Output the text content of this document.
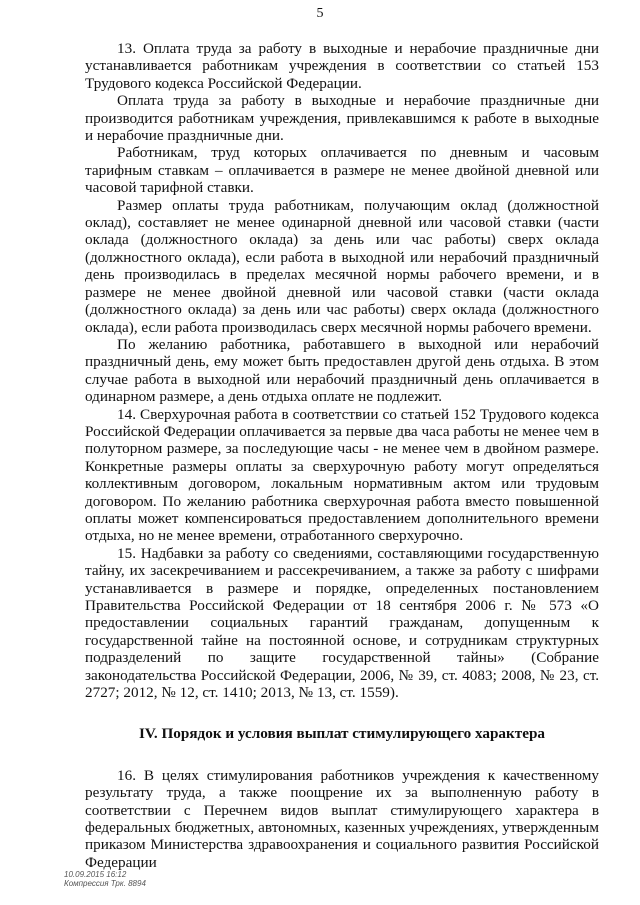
5

13. Оплата труда за работу в выходные и нерабочие праздничные дни устанавливается работникам учреждения в соответствии со статьей 153 Трудового кодекса Российской Федерации.

Оплата труда за работу в выходные и нерабочие праздничные дни производится работникам учреждения, привлекавшимся к работе в выходные и нерабочие праздничные дни.

Работникам, труд которых оплачивается по дневным и часовым тарифным ставкам – оплачивается в размере не менее двойной дневной или часовой тарифной ставки.

Размер оплаты труда работникам, получающим оклад (должностной оклад), составляет не менее одинарной дневной или часовой ставки (части оклада (должностного оклада) за день или час работы) сверх оклада (должностного оклада), если работа в выходной или нерабочий праздничный день производилась в пределах месячной нормы рабочего времени, и в размере не менее двойной дневной или часовой ставки (части оклада (должностного оклада) за день или час работы) сверх оклада (должностного оклада), если работа производилась сверх месячной нормы рабочего времени.

По желанию работника, работавшего в выходной или нерабочий праздничный день, ему может быть предоставлен другой день отдыха. В этом случае работа в выходной или нерабочий праздничный день оплачивается в одинарном размере, а день отдыха оплате не подлежит.

14. Сверхурочная работа в соответствии со статьей 152 Трудового кодекса Российской Федерации оплачивается за первые два часа работы не менее чем в полуторном размере, за последующие часы - не менее чем в двойном размере. Конкретные размеры оплаты за сверхурочную работу могут определяться коллективным договором, локальным нормативным актом или трудовым договором. По желанию работника сверхурочная работа вместо повышенной оплаты может компенсироваться предоставлением дополнительного времени отдыха, но не менее времени, отработанного сверхурочно.

15. Надбавки за работу со сведениями, составляющими государственную тайну, их засекречиванием и рассекречиванием, а также за работу с шифрами устанавливается в размере и порядке, определенных постановлением Правительства Российской Федерации от 18 сентября 2006 г. № 573 «О предоставлении социальных гарантий гражданам, допущенным к государственной тайне на постоянной основе, и сотрудникам структурных подразделений по защите государственной тайны» (Собрание законодательства Российской Федерации, 2006, № 39, ст. 4083; 2008, № 23, ст. 2727; 2012, № 12, ст. 1410; 2013, № 13, ст. 1559).

IV. Порядок и условия выплат стимулирующего характера

16. В целях стимулирования работников учреждения к качественному результату труда, а также поощрение их за выполненную работу в соответствии с Перечнем видов выплат стимулирующего характера в федеральных бюджетных, автономных, казенных учреждениях, утвержденным приказом Министерства здравоохранения и социального развития Российской Федерации

10.09.2015 16:12
Компрессия Трк. 8894
